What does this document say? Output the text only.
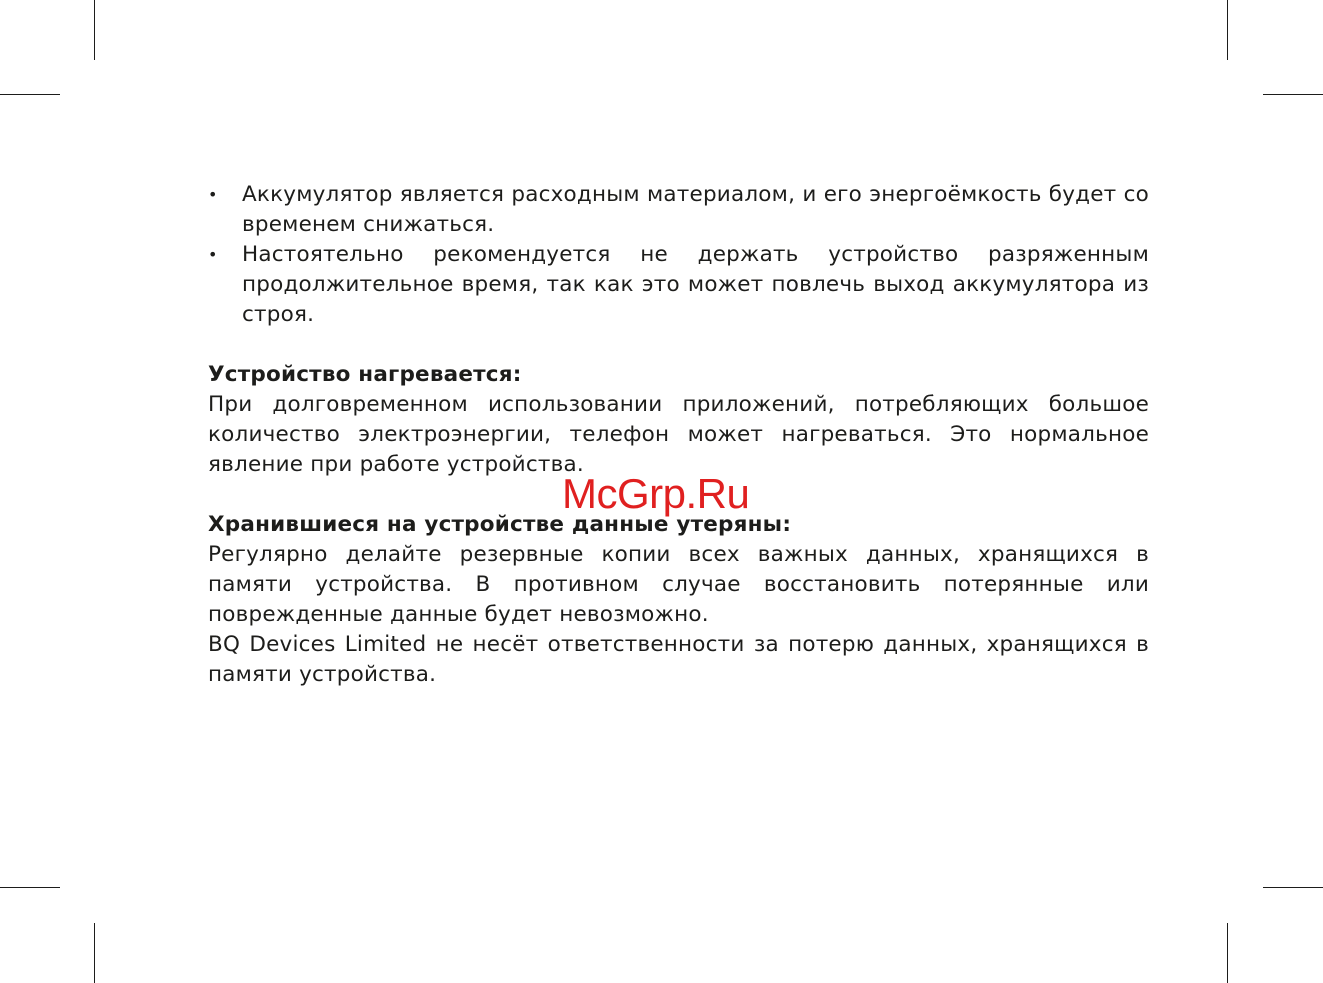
• Аккумулятор является расходным материалом, и его энергоёмкость будет со временем снижаться.
• Настоятельно рекомендуется не держать устройство разряженным продолжительное время, так как это может повлечь выход аккумулятора из строя.

Устройство нагревается:

При долговременном использовании приложений, потребляющих большое количество электроэнергии, телефон может нагреваться. Это нормальное явление при работе устройства.

Хранившиеся на устройстве данные утеряны:

Регулярно делайте резервные копии всех важных данных, хранящихся в памяти устройства. В противном случае восстановить потерянные или поврежденные данные будет невозможно.

BQ Devices Limited не несёт ответственности за потерю данных, хранящихся в памяти устройства.

McGrp.Ru
